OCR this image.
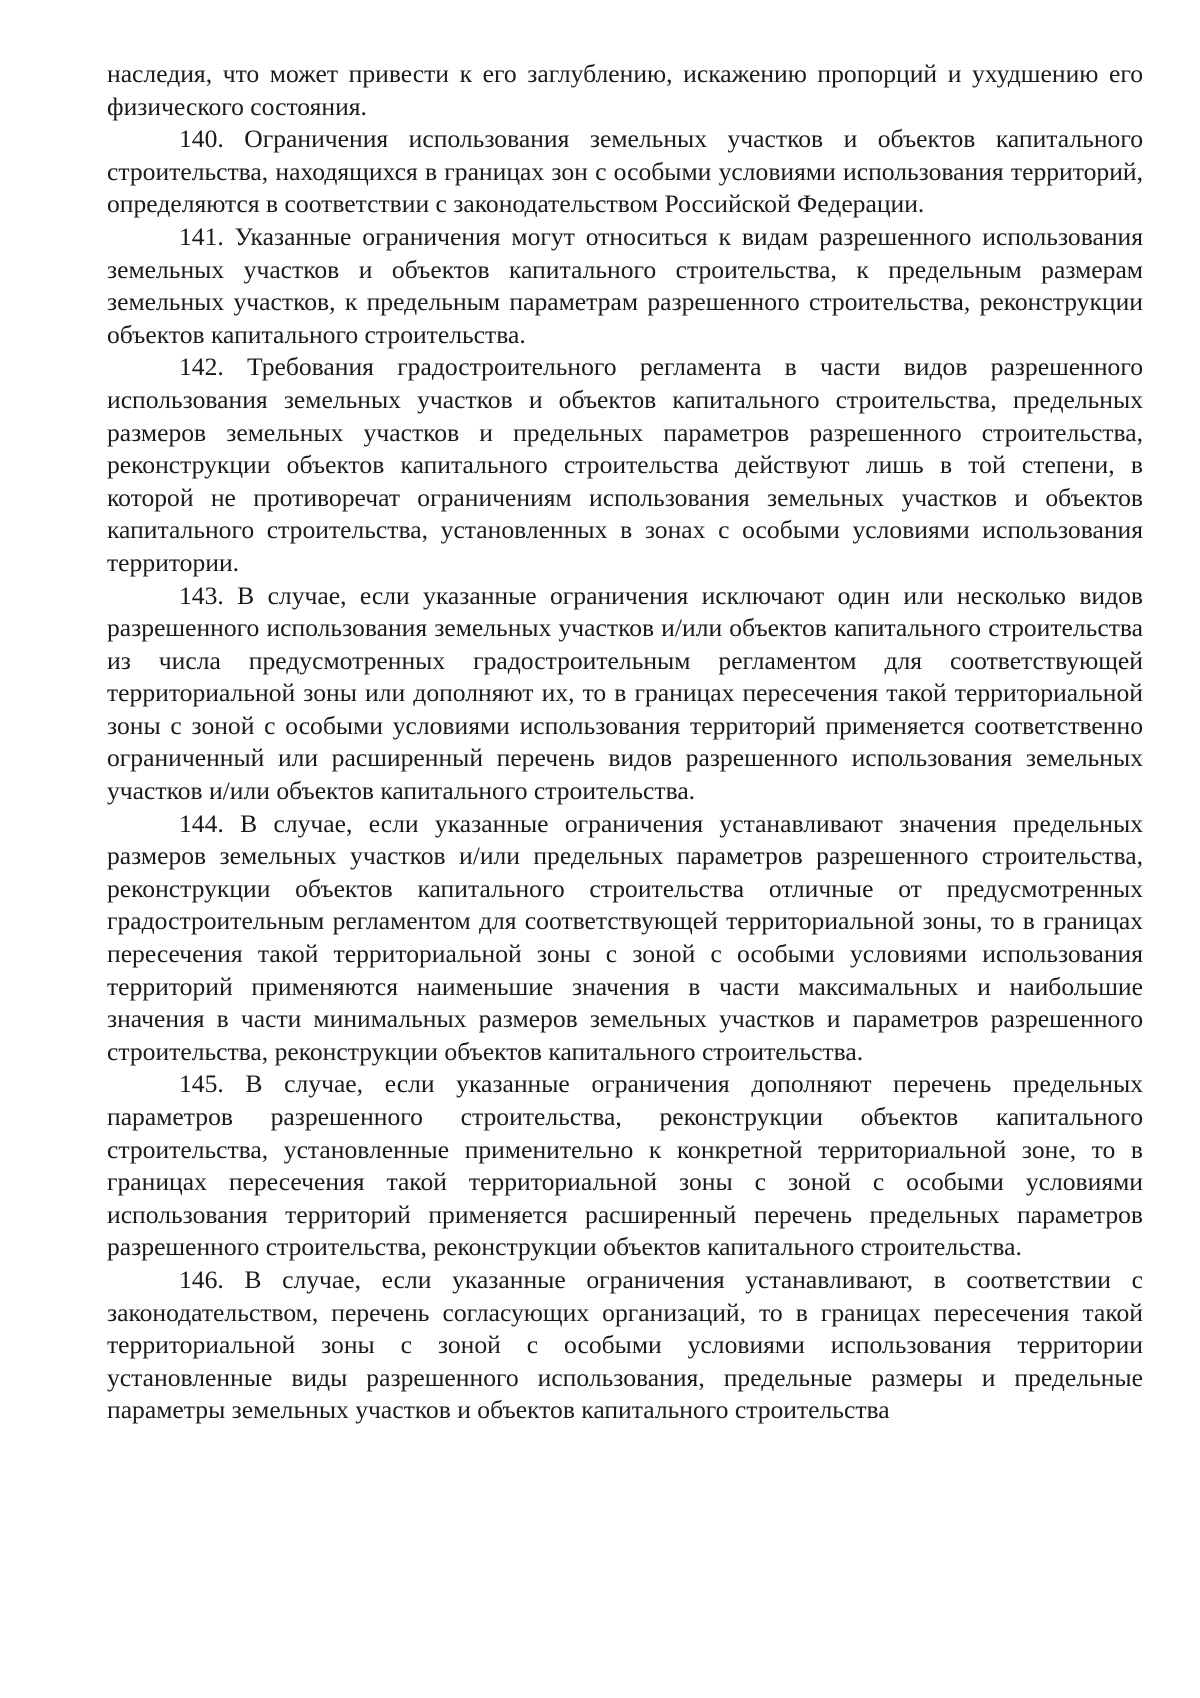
наследия, что может привести к его заглублению, искажению пропорций и ухудшению его физического состояния.

140. Ограничения использования земельных участков и объектов капитального строительства, находящихся в границах зон с особыми условиями использования территорий, определяются в соответствии с законодательством Российской Федерации.

141. Указанные ограничения могут относиться к видам разрешенного использования земельных участков и объектов капитального строительства, к предельным размерам земельных участков, к предельным параметрам разрешенного строительства, реконструкции объектов капитального строительства.

142. Требования градостроительного регламента в части видов разрешенного использования земельных участков и объектов капитального строительства, предельных размеров земельных участков и предельных параметров разрешенного строительства, реконструкции объектов капитального строительства действуют лишь в той степени, в которой не противоречат ограничениям использования земельных участков и объектов капитального строительства, установленных в зонах с особыми условиями использования территории.

143. В случае, если указанные ограничения исключают один или несколько видов разрешенного использования земельных участков и/или объектов капитального строительства из числа предусмотренных градостроительным регламентом для соответствующей территориальной зоны или дополняют их, то в границах пересечения такой территориальной зоны с зоной с особыми условиями использования территорий применяется соответственно ограниченный или расширенный перечень видов разрешенного использования земельных участков и/или объектов капитального строительства.

144. В случае, если указанные ограничения устанавливают значения предельных размеров земельных участков и/или предельных параметров разрешенного строительства, реконструкции объектов капитального строительства отличные от предусмотренных градостроительным регламентом для соответствующей территориальной зоны, то в границах пересечения такой территориальной зоны с зоной с особыми условиями использования территорий применяются наименьшие значения в части максимальных и наибольшие значения в части минимальных размеров земельных участков и параметров разрешенного строительства, реконструкции объектов капитального строительства.

145. В случае, если указанные ограничения дополняют перечень предельных параметров разрешенного строительства, реконструкции объектов капитального строительства, установленные применительно к конкретной территориальной зоне, то в границах пересечения такой территориальной зоны с зоной с особыми условиями использования территорий применяется расширенный перечень предельных параметров разрешенного строительства, реконструкции объектов капитального строительства.

146. В случае, если указанные ограничения устанавливают, в соответствии с законодательством, перечень согласующих организаций, то в границах пересечения такой территориальной зоны с зоной с особыми условиями использования территории установленные виды разрешенного использования, предельные размеры и предельные параметры земельных участков и объектов капитального строительства
